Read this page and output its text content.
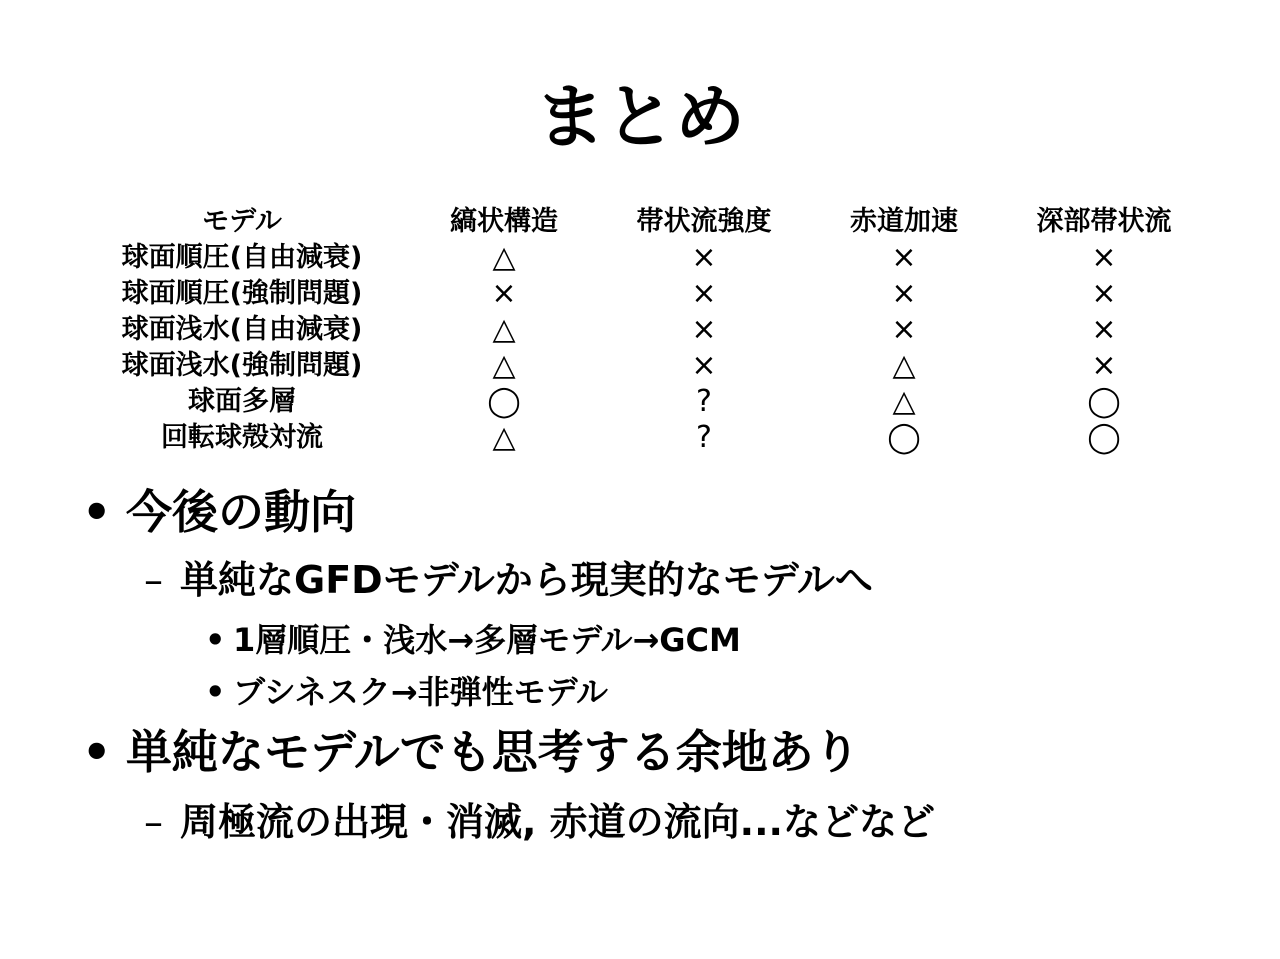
まとめ
モデル	縞状構造	帯状流強度	赤道加速	深部帯状流
球面順圧(自由減衰)	△	×	×	×
球面順圧(強制問題)	×	×	×	×
球面浅水(自由減衰)	△	×	×	×
球面浅水(強制問題)	△	×	△	×
球面多層	◯	?	△	◯
回転球殻対流	△	?	◯	◯
• 今後の動向
– 単純なGFDモデルから現実的なモデルへ
• 1層順圧・浅水→多層モデル→GCM
• ブシネスク→非弾性モデル
• 単純なモデルでも思考する余地あり
– 周極流の出現・消滅, 赤道の流向...などなど
